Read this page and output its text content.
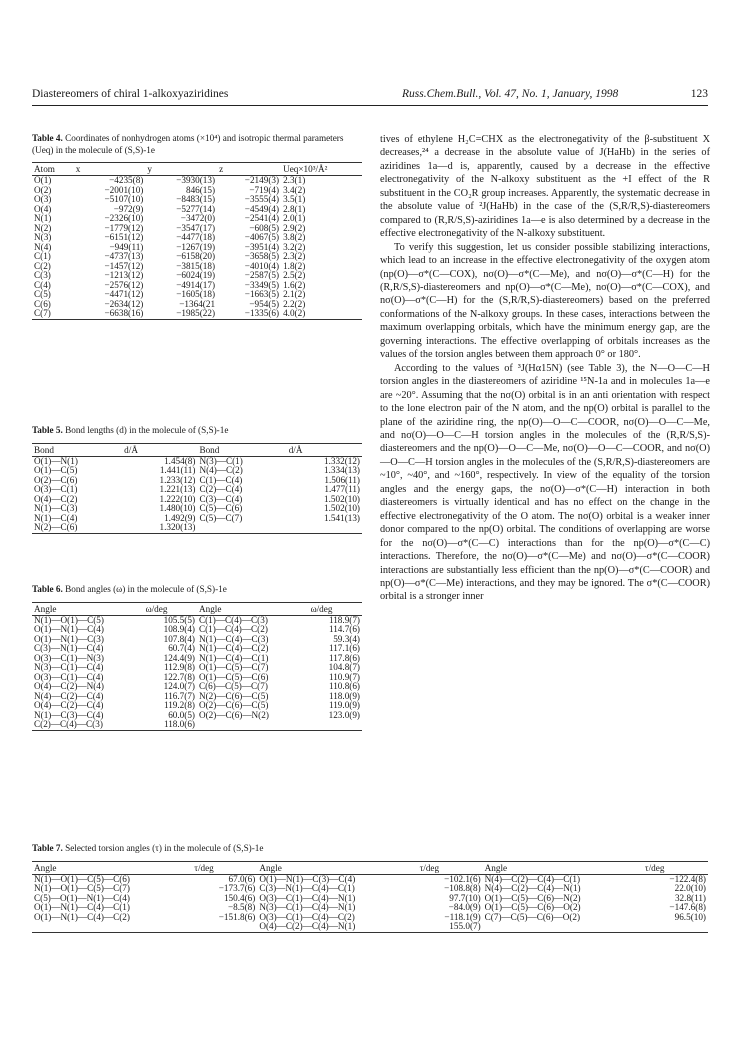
Diastereomers of chiral 1-alkoxyaziridines	Russ.Chem.Bull., Vol. 47, No. 1, January, 1998	123
Table 4. Coordinates of nonhydrogen atoms (×10⁴) and isotropic thermal parameters (Ueq) in the molecule of (S,S)-1e
Atom	x	y	z	Ueq×10³/Å²
O(1)	−4235(8)	−3930(13)	−2149(3)	2.3(1)
O(2)	−2001(10)	846(15)	−719(4)	3.4(2)
O(3)	−5107(10)	−8483(15)	−3555(4)	3.5(1)
O(4)	−972(9)	−5277(14)	−4549(4)	2.8(1)
N(1)	−2326(10)	−3472(0)	−2541(4)	2.0(1)
N(2)	−1779(12)	−3547(17)	−608(5)	2.9(2)
N(3)	−6151(12)	−4477(18)	−4067(5)	3.8(2)
N(4)	−949(11)	−1267(19)	−3951(4)	3.2(2)
C(1)	−4737(13)	−6158(20)	−3658(5)	2.3(2)
C(2)	−1457(12)	−3815(18)	−4010(4)	1.8(2)
C(3)	−1213(12)	−6024(19)	−2587(5)	2.5(2)
C(4)	−2576(12)	−4914(17)	−3349(5)	1.6(2)
C(5)	−4471(12)	−1605(18)	−1663(5)	2.1(2)
C(6)	−2634(12)	−1364(21	−954(5)	2.2(2)
C(7)	−6638(16)	−1985(22)	−1335(6)	4.0(2)
Table 5. Bond lengths (d) in the molecule of (S,S)-1e
Bond	d/Å	Bond	d/Å
O(1)—N(1)	1.454(8)	N(3)—C(1)	1.332(12)
O(1)—C(5)	1.441(11)	N(4)—C(2)	1.334(13)
O(2)—C(6)	1.233(12)	C(1)—C(4)	1.506(11)
O(3)—C(1)	1.221(13)	C(2)—C(4)	1.477(11)
O(4)—C(2)	1.222(10)	C(3)—C(4)	1.502(10)
N(1)—C(3)	1.480(10)	C(5)—C(6)	1.502(10)
N(1)—C(4)	1.492(9)	C(5)—C(7)	1.541(13)
N(2)—C(6)	1.320(13)		
Table 6. Bond angles (ω) in the molecule of (S,S)-1e
Angle	ω/deg	Angle	ω/deg
N(1)—O(1)—C(5)	105.5(5)	C(1)—C(4)—C(3)	118.9(7)
O(1)—N(1)—C(4)	108.9(4)	C(1)—C(4)—C(2)	114.7(6)
O(1)—N(1)—C(3)	107.8(4)	N(1)—C(4)—C(3)	59.3(4)
C(3)—N(1)—C(4)	60.7(4)	N(1)—C(4)—C(2)	117.1(6)
O(3)—C(1)—N(3)	124.4(9)	N(1)—C(4)—C(1)	117.8(6)
N(3)—C(1)—C(4)	112.9(8)	O(1)—C(5)—C(7)	104.8(7)
O(3)—C(1)—C(4)	122.7(8)	O(1)—C(5)—C(6)	110.9(7)
O(4)—C(2)—N(4)	124.0(7)	C(6)—C(5)—C(7)	110.8(6)
N(4)—C(2)—C(4)	116.7(7)	N(2)—C(6)—C(5)	118.0(9)
O(4)—C(2)—C(4)	119.2(8)	O(2)—C(6)—C(5)	119.0(9)
N(1)—C(3)—C(4)	60.0(5)	O(2)—C(6)—N(2)	123.0(9)
C(2)—C(4)—C(3)	118.0(6)		
Table 7. Selected torsion angles (τ) in the molecule of (S,S)-1e
Angle	τ/deg	Angle	τ/deg	Angle	τ/deg
N(1)—O(1)—C(5)—C(6)	67.0(6)	O(1)—N(1)—C(3)—C(4)	−102.1(6)	N(4)—C(2)—C(4)—C(1)	−122.4(8)
N(1)—O(1)—C(5)—C(7)	−173.7(6)	C(3)—N(1)—C(4)—C(1)	−108.8(8)	N(4)—C(2)—C(4)—N(1)	22.0(10)
C(5)—O(1)—N(1)—C(4)	150.4(6)	O(3)—C(1)—C(4)—N(1)	97.7(10)	O(1)—C(5)—C(6)—N(2)	32.8(11)
O(1)—N(1)—C(4)—C(1)	−8.5(8)	N(3)—C(1)—C(4)—N(1)	−84.0(9)	O(1)—C(5)—C(6)—O(2)	−147.6(8)
O(1)—N(1)—C(4)—C(2)	−151.8(6)	O(3)—C(1)—C(4)—C(2)	−118.1(9)	C(7)—C(5)—C(6)—O(2)	96.5(10)
		O(4)—C(2)—C(4)—N(1)	155.0(7)		

tives of ethylene H₂C=CHX as the electronegativity of the β-substituent X decreases,²⁴ a decrease in the absolute value of J(HaHb) in the series of aziridines 1a—d is, apparently, caused by a decrease in the effective electronegativity of the N-alkoxy substituent as the +I effect of the R substituent in the CO₂R group increases. Apparently, the systematic decrease in the absolute value of ²J(HaHb) in the case of the (S,R/R,S)-diastereomers compared to (R,R/S,S)-aziridines 1a—e is also determined by a decrease in the effective electronegativity of the N-alkoxy substituent.

To verify this suggestion, let us consider possible stabilizing interactions, which lead to an increase in the effective electronegativity of the oxygen atom (np(O)—σ*(C—COX), nσ(O)—σ*(C—Me), and nσ(O)—σ*(C—H) for the (R,R/S,S)-diastereomers and np(O)—σ*(C—Me), nσ(O)—σ*(C—COX), and nσ(O)—σ*(C—H) for the (S,R/R,S)-diastereomers) based on the preferred conformations of the N-alkoxy groups. In these cases, interactions between the maximum overlapping orbitals, which have the minimum energy gap, are the governing interactions. The effective overlapping of orbitals increases as the values of the torsion angles between them approach 0° or 180°.

According to the values of ³J(Hα15N) (see Table 3), the N—O—C—H torsion angles in the diastereomers of aziridine ¹⁵N-1a and in molecules 1a—e are ~20°. Assuming that the nσ(O) orbital is in an anti orientation with respect to the lone electron pair of the N atom, and the np(O) orbital is parallel to the plane of the aziridine ring, the np(O)—O—C—COOR, nσ(O)—O—C—Me, and nσ(O)—O—C—H torsion angles in the molecules of the (R,R/S,S)-diastereomers and the np(O)—O—C—Me, nσ(O)—O—C—COOR, and nσ(O)—O—C—H torsion angles in the molecules of the (S,R/R,S)-diastereomers are ~10°, ~40°, and ~160°, respectively. In view of the equality of the torsion angles and the energy gaps, the nσ(O)—σ*(C—H) interaction in both diastereomers is virtually identical and has no effect on the change in the effective electronegativity of the O atom. The nσ(O) orbital is a weaker inner donor compared to the np(O) orbital. The conditions of overlapping are worse for the nσ(O)—σ*(C—C) interactions than for the np(O)—σ*(C—C) interactions. Therefore, the nσ(O)—σ*(C—Me) and nσ(O)—σ*(C—COOR) interactions are substantially less efficient than the np(O)—σ*(C—COOR) and np(O)—σ*(C—Me) interactions, and they may be ignored. The σ*(C—COOR) orbital is a stronger inner
